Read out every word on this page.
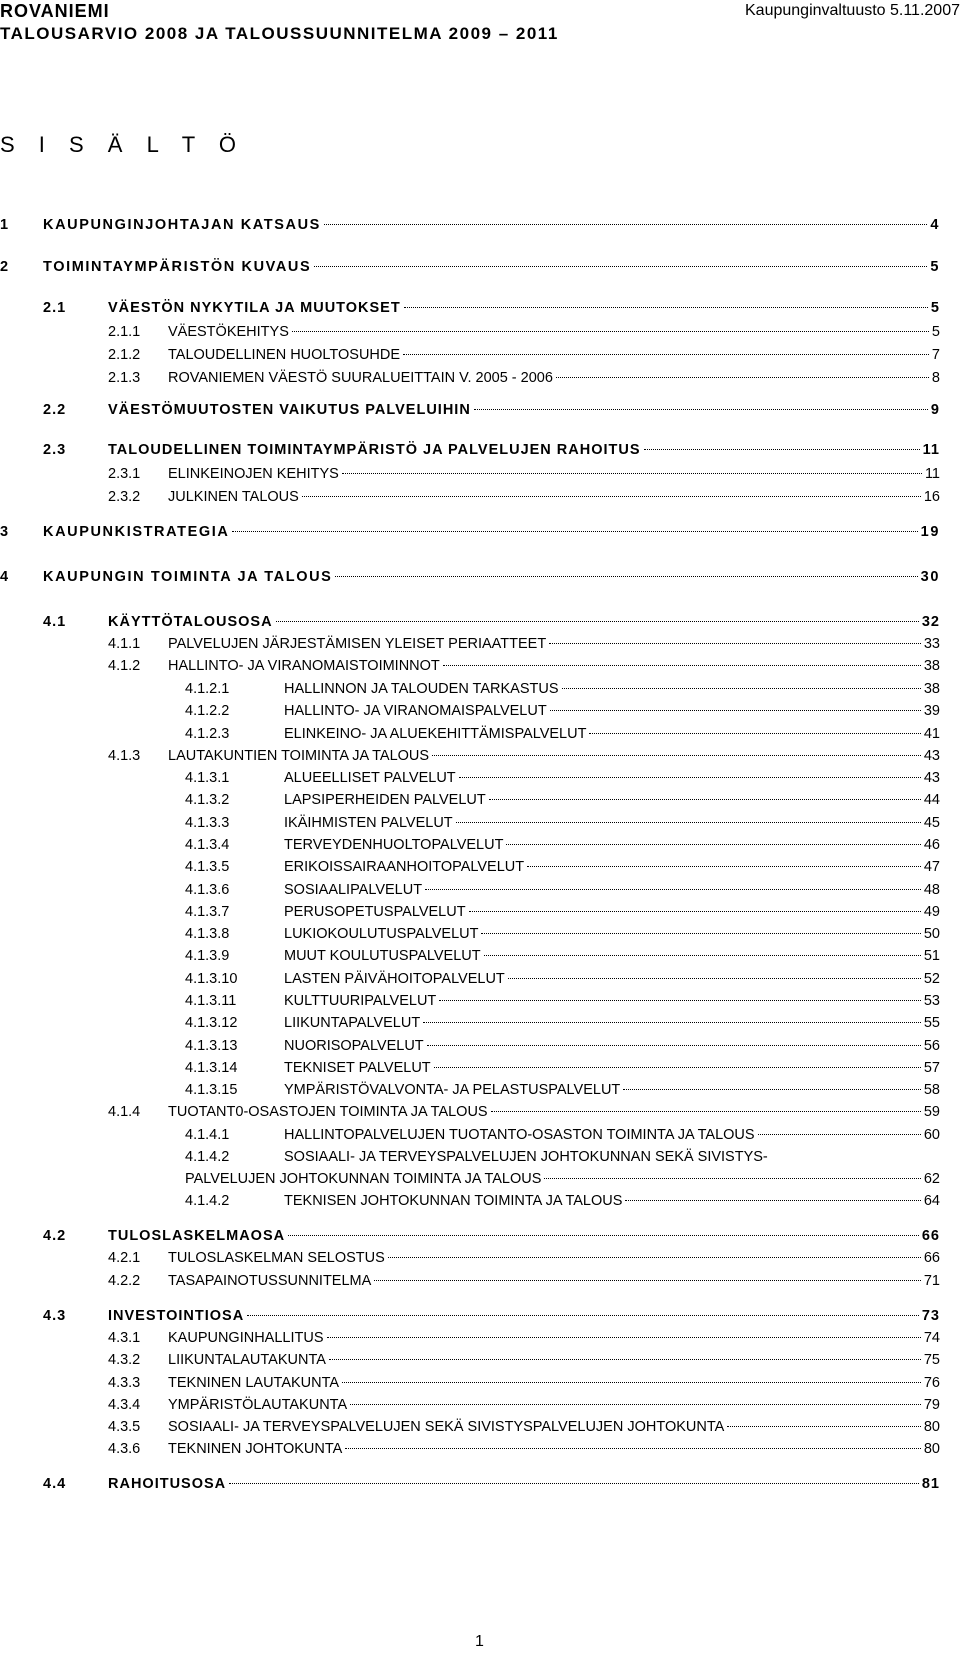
ROVANIEMI
TALOUSARVIO 2008 JA TALOUSSUUNNITELMA 2009 – 2011
Kaupunginvaltuusto 5.11.2007
S I S Ä L T Ö
1	KAUPUNGINJOHTAJAN KATSAUS	4
2	TOIMINTAYMPÄRISTÖN KUVAUS	5
2.1	VÄESTÖN NYKYTILA JA MUUTOKSET	5
2.1.1	VÄESTÖKEHITYS	5
2.1.2	TALOUDELLINEN HUOLTOSUHDE	7
2.1.3	ROVANIEMEN VÄESTÖ SUURALUEITTAIN V. 2005 - 2006	8
2.2	VÄESTÖMUUTOSTEN VAIKUTUS PALVELUIHIN	9
2.3	TALOUDELLINEN TOIMINTAYMPÄRISTÖ JA PALVELUJEN RAHOITUS	11
2.3.1	ELINKEINOJEN KEHITYS	11
2.3.2	JULKINEN TALOUS	16
3	KAUPUNKISTRATEGIA	19
4	KAUPUNGIN TOIMINTA JA TALOUS	30
4.1	KÄYTTÖTALOUSOSA	32
4.1.1	PALVELUJEN JÄRJESTÄMISEN YLEISET PERIAATTEET	33
4.1.2	HALLINTO- JA VIRANOMAISTOIMINNOT	38
4.1.2.1	HALLINNON JA TALOUDEN TARKASTUS	38
4.1.2.2	HALLINTO- JA VIRANOMAISPALVELUT	39
4.1.2.3	ELINKEINO- JA ALUEKEHITTÄMISPALVELUT	41
4.1.3	LAUTAKUNTIEN TOIMINTA JA TALOUS	43
4.1.3.1	ALUEELLISET PALVELUT	43
4.1.3.2	LAPSIPERHEIDEN PALVELUT	44
4.1.3.3	IKÄIHMISTEN PALVELUT	45
4.1.3.4	TERVEYDENHUOLTOPALVELUT	46
4.1.3.5	ERIKOISSAIRAANHOITOPALVELUT	47
4.1.3.6	SOSIAALIPALVELUT	48
4.1.3.7	PERUSOPETUSPALVELUT	49
4.1.3.8	LUKIOKOULUTUSPALVELUT	50
4.1.3.9	MUUT KOULUTUSPALVELUT	51
4.1.3.10	LASTEN PÄIVÄHOITOPALVELUT	52
4.1.3.11	KULTTUURIPALVELUT	53
4.1.3.12	LIIKUNTAPALVELUT	55
4.1.3.13	NUORISOPALVELUT	56
4.1.3.14	TEKNISET PALVELUT	57
4.1.3.15	YMPÄRISTÖVALVONTA- JA PELASTUSPALVELUT	58
4.1.4	TUOTANT0-OSASTOJEN TOIMINTA JA TALOUS	59
4.1.4.1	HALLINTOPALVELUJEN TUOTANTO-OSASTON TOIMINTA JA TALOUS	60
4.1.4.2	SOSIAALI- JA TERVEYSPALVELUJEN JOHTOKUNNAN SEKÄ SIVISTYS-
PALVELUJEN JOHTOKUNNAN TOIMINTA JA TALOUS	62
4.1.4.2	TEKNISEN JOHTOKUNNAN TOIMINTA JA TALOUS	64
4.2	TULOSLASKELMAOSA	66
4.2.1	TULOSLASKELMAN SELOSTUS	66
4.2.2	TASAPAINOTUSSUNNITELMA	71
4.3	INVESTOINTIOSA	73
4.3.1	KAUPUNGINHALLITUS	74
4.3.2	LIIKUNTALAUTAKUNTA	75
4.3.3	TEKNINEN LAUTAKUNTA	76
4.3.4	YMPÄRISTÖLAUTAKUNTA	79
4.3.5	SOSIAALI- JA TERVEYSPALVELUJEN SEKÄ SIVISTYSPALVELUJEN JOHTOKUNTA	80
4.3.6	TEKNINEN JOHTOKUNTA	80
4.4	RAHOITUSOSA	81
1
